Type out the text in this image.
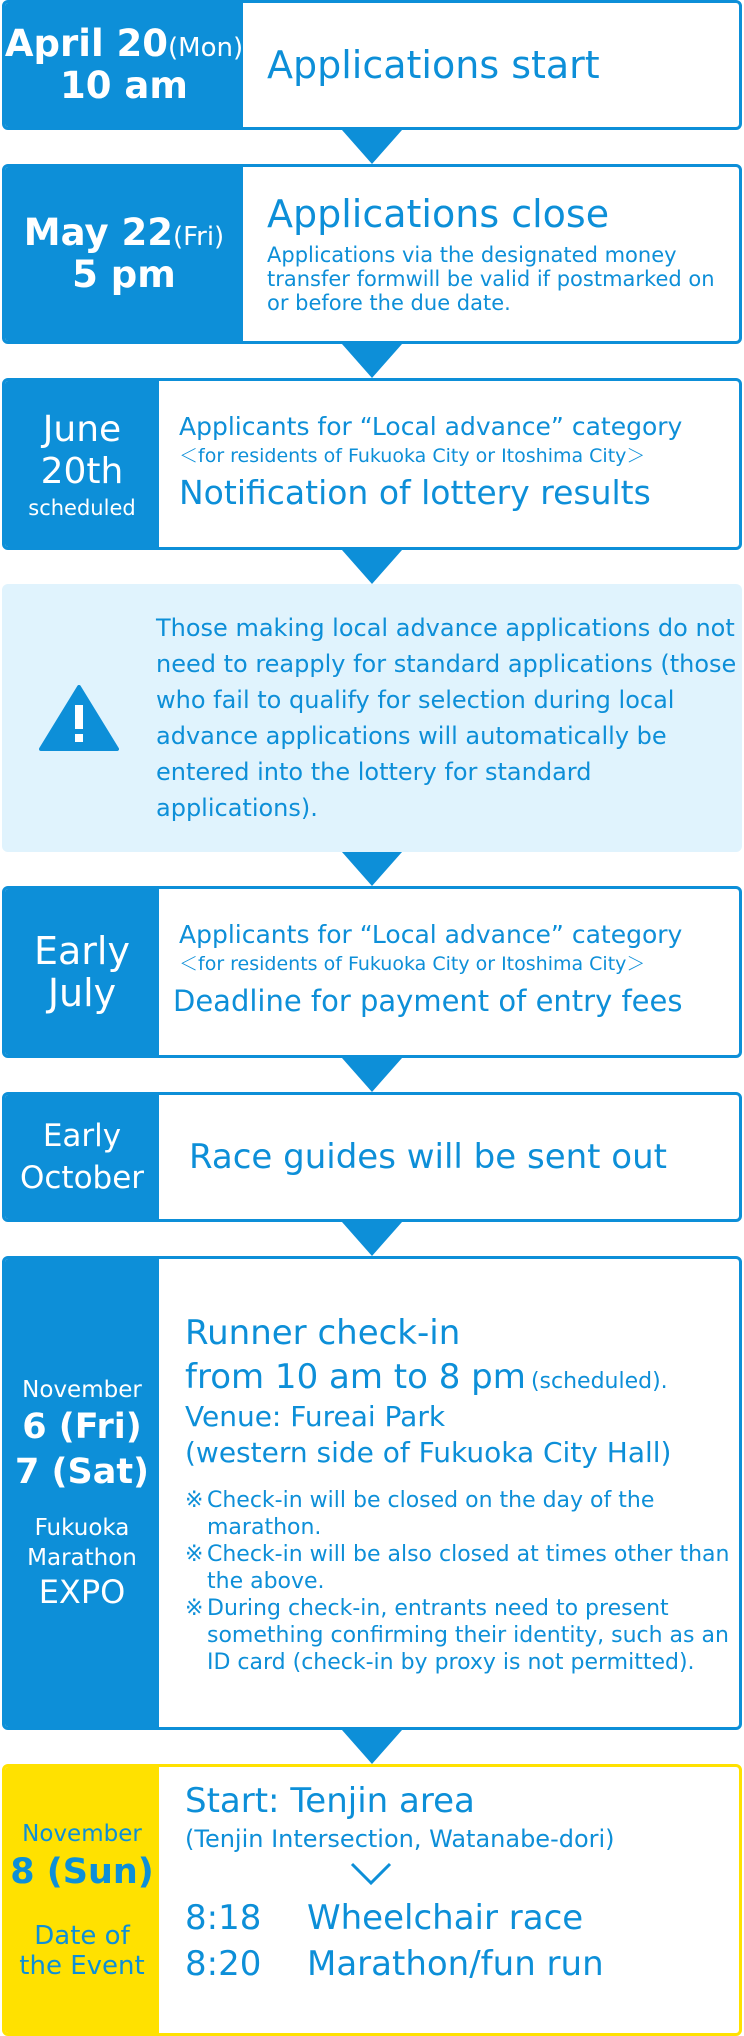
April 20(Mon)
10 am Applications start
May 22(Fri)
5 pm
Applications close
Applications via the designated money transfer formwill be valid if postmarked on or before the due date.
June
20th
scheduled
Applicants for “Local advance” category
＜for residents of Fukuoka City or Itoshima City＞
Notification of lottery results
Those making local advance applications do not need to reapply for standard applications (those who fail to qualify for selection during local advance applications will automatically be entered into the lottery for standard applications).
Early
July
Applicants for “Local advance” category
＜for residents of Fukuoka City or Itoshima City＞
Deadline for payment of entry fees
Early
October
Race guides will be sent out
November
6 (Fri)
7 (Sat)
Fukuoka
Marathon
EXPO
Runner check-in
from 10 am to 8 pm (scheduled).
Venue: Fureai Park
(western side of Fukuoka City Hall)
※ Check-in will be closed on the day of the marathon.
※ Check-in will be also closed at times other than the above.
※ During check-in, entrants need to present something confirming their identity, such as an ID card (check-in by proxy is not permitted).
November
8 (Sun)
Date of
the Event
Start: Tenjin area
(Tenjin Intersection, Watanabe-dori)
8:18	Wheelchair race
8:20	Marathon/fun run
